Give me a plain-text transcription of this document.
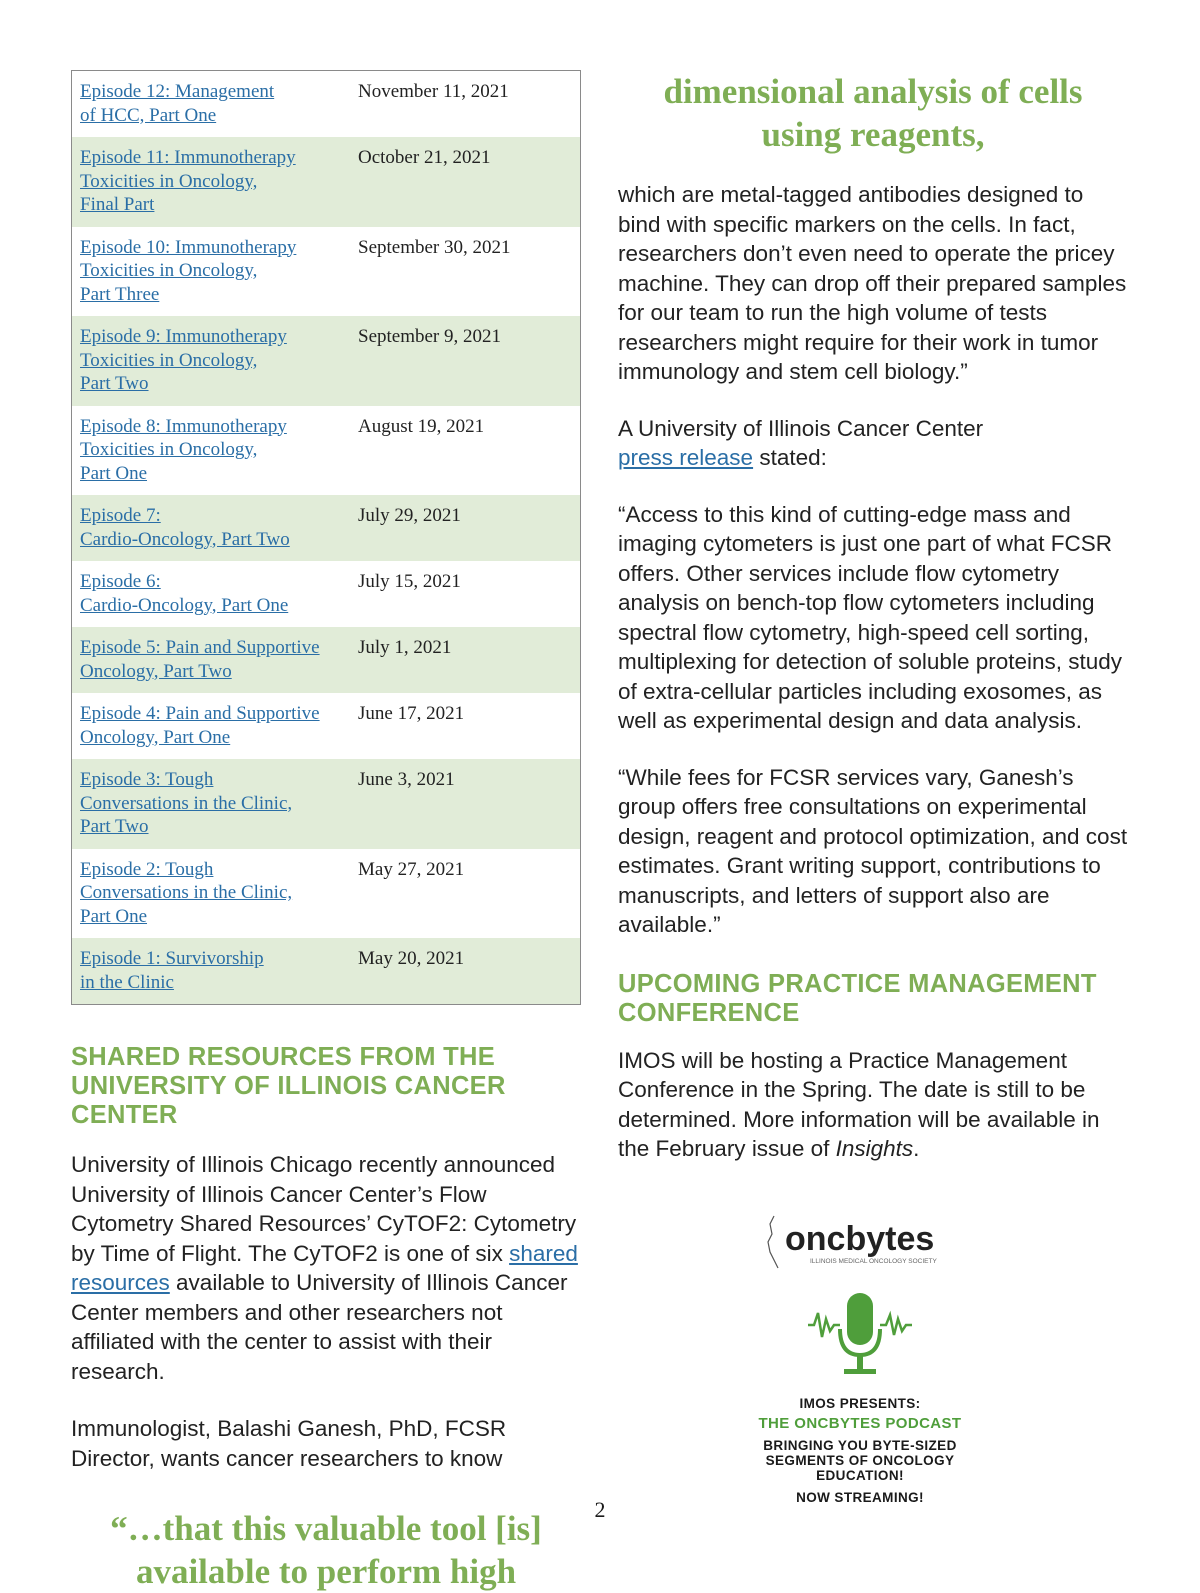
Episode 12: Management
of HCC, Part One	November 11, 2021
Episode 11: Immunotherapy
Toxicities in Oncology,
Final Part	October 21, 2021
Episode 10: Immunotherapy
Toxicities in Oncology,
Part Three	September 30, 2021
Episode 9: Immunotherapy
Toxicities in Oncology,
Part Two	September 9, 2021
Episode 8: Immunotherapy
Toxicities in Oncology,
Part One	August 19, 2021
Episode 7:
Cardio-Oncology, Part Two	July 29, 2021
Episode 6:
Cardio-Oncology, Part One	July 15, 2021
Episode 5: Pain and Supportive
Oncology, Part Two	July 1, 2021
Episode 4: Pain and Supportive
Oncology, Part One	June 17, 2021
Episode 3: Tough
Conversations in the Clinic,
Part Two	June 3, 2021
Episode 2: Tough
Conversations in the Clinic,
Part One	May 27, 2021
Episode 1: Survivorship
in the Clinic	May 20, 2021
SHARED RESOURCES FROM THE UNIVERSITY OF ILLINOIS CANCER CENTER

University of Illinois Chicago recently announced University of Illinois Cancer Center’s Flow Cytometry Shared Resources’ CyTOF2: Cytometry by Time of Flight. The CyTOF2 is one of six shared resources available to University of Illinois Cancer Center members and other researchers not affiliated with the center to assist with their research.

Immunologist, Balashi Ganesh, PhD, FCSR Director, wants cancer researchers to know

“…that this valuable tool [is] available to perform high

dimensional analysis of cells using reagents,

which are metal-tagged antibodies designed to bind with specific markers on the cells. In fact, researchers don’t even need to operate the pricey machine. They can drop off their prepared samples for our team to run the high volume of tests researchers might require for their work in tumor immunology and stem cell biology.”

A University of Illinois Cancer Center press release stated:

“Access to this kind of cutting-edge mass and imaging cytometers is just one part of what FCSR offers. Other services include flow cytometry analysis on bench-top flow cytometers including spectral flow cytometry, high-speed cell sorting, multiplexing for detection of soluble proteins, study of extra-cellular particles including exosomes, as well as experimental design and data analysis.

“While fees for FCSR services vary, Ganesh’s group offers free consultations on experimental design, reagent and protocol optimization, and cost estimates. Grant writing support, contributions to manuscripts, and letters of support also are available.”

UPCOMING PRACTICE MANAGEMENT CONFERENCE

IMOS will be hosting a Practice Management Conference in the Spring. The date is still to be determined. More information will be available in the February issue of Insights.

oncbytes
ILLINOIS MEDICAL ONCOLOGY SOCIETY

IMOS PRESENTS:

THE ONCBYTES PODCAST

BRINGING YOU BYTE-SIZED SEGMENTS OF ONCOLOGY EDUCATION!

NOW STREAMING!

2
